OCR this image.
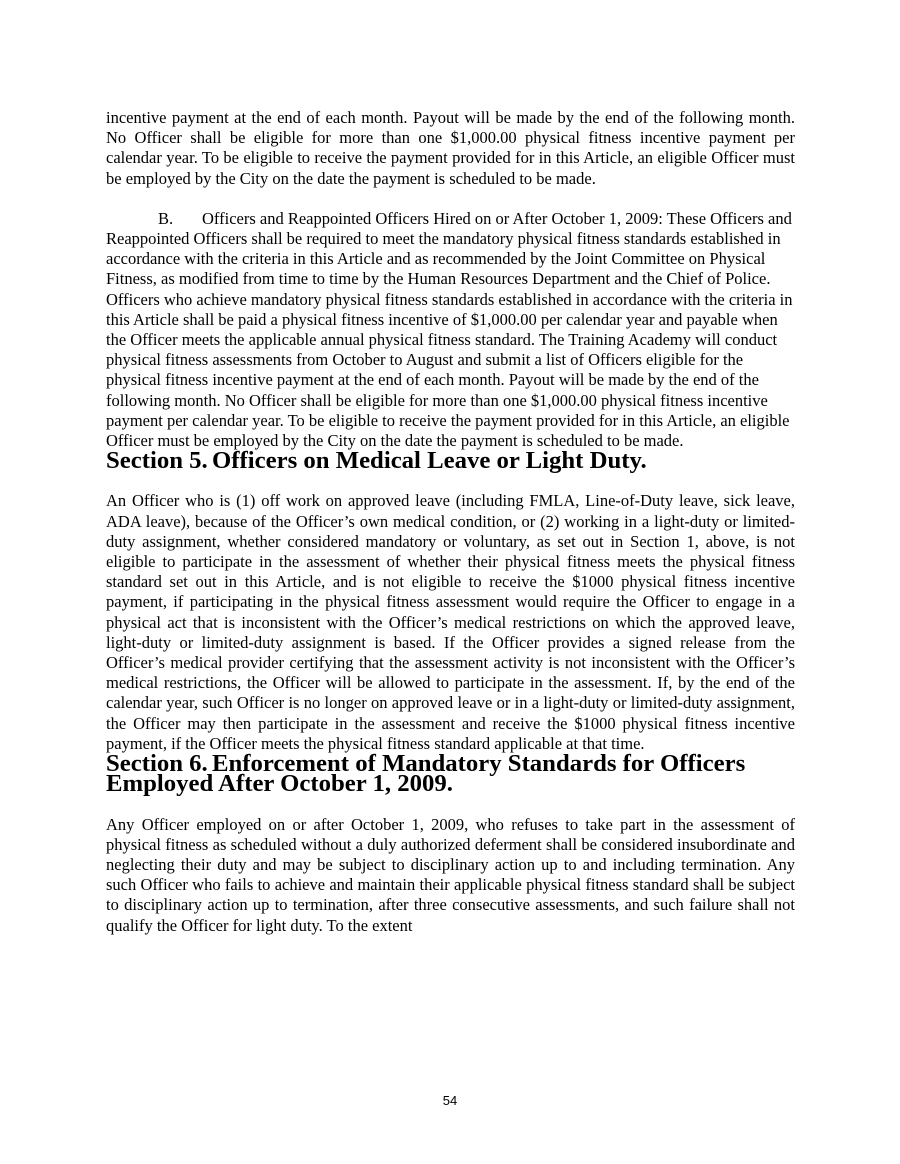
incentive payment at the end of each month. Payout will be made by the end of the following month. No Officer shall be eligible for more than one $1,000.00 physical fitness incentive payment per calendar year. To be eligible to receive the payment provided for in this Article, an eligible Officer must be employed by the City on the date the payment is scheduled to be made.

B. Officers and Reappointed Officers Hired on or After October 1, 2009: These Officers and Reappointed Officers shall be required to meet the mandatory physical fitness standards established in accordance with the criteria in this Article and as recommended by the Joint Committee on Physical Fitness, as modified from time to time by the Human Resources Department and the Chief of Police. Officers who achieve mandatory physical fitness standards established in accordance with the criteria in this Article shall be paid a physical fitness incentive of $1,000.00 per calendar year and payable when the Officer meets the applicable annual physical fitness standard. The Training Academy will conduct physical fitness assessments from October to August and submit a list of Officers eligible for the physical fitness incentive payment at the end of each month. Payout will be made by the end of the following month. No Officer shall be eligible for more than one $1,000.00 physical fitness incentive payment per calendar year. To be eligible to receive the payment provided for in this Article, an eligible Officer must be employed by the City on the date the payment is scheduled to be made.

Section 5. Officers on Medical Leave or Light Duty.

An Officer who is (1) off work on approved leave (including FMLA, Line-of-Duty leave, sick leave, ADA leave), because of the Officer’s own medical condition, or (2) working in a light-duty or limited-duty assignment, whether considered mandatory or voluntary, as set out in Section 1, above, is not eligible to participate in the assessment of whether their physical fitness meets the physical fitness standard set out in this Article, and is not eligible to receive the $1000 physical fitness incentive payment, if participating in the physical fitness assessment would require the Officer to engage in a physical act that is inconsistent with the Officer’s medical restrictions on which the approved leave, light-duty or limited-duty assignment is based. If the Officer provides a signed release from the Officer’s medical provider certifying that the assessment activity is not inconsistent with the Officer’s medical restrictions, the Officer will be allowed to participate in the assessment. If, by the end of the calendar year, such Officer is no longer on approved leave or in a light-duty or limited-duty assignment, the Officer may then participate in the assessment and receive the $1000 physical fitness incentive payment, if the Officer meets the physical fitness standard applicable at that time.

Section 6. Enforcement of Mandatory Standards for Officers Employed After October 1, 2009.

Any Officer employed on or after October 1, 2009, who refuses to take part in the assessment of physical fitness as scheduled without a duly authorized deferment shall be considered insubordinate and neglecting their duty and may be subject to disciplinary action up to and including termination. Any such Officer who fails to achieve and maintain their applicable physical fitness standard shall be subject to disciplinary action up to termination, after three consecutive assessments, and such failure shall not qualify the Officer for light duty. To the extent

54
